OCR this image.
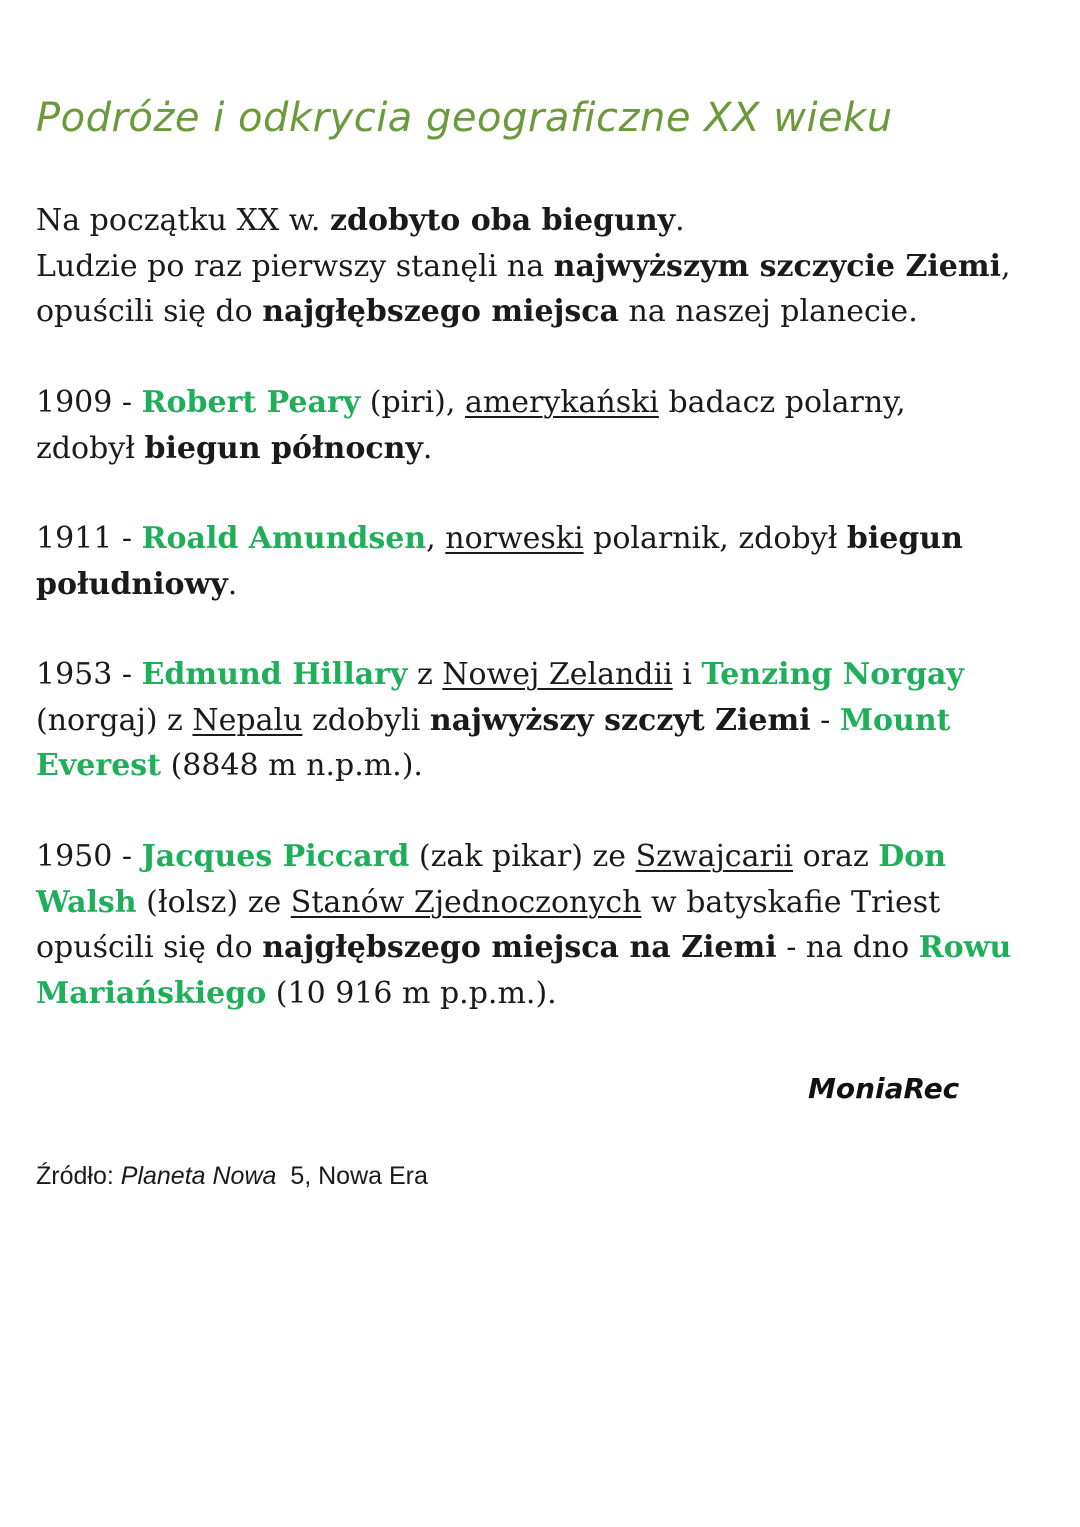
Podróże i odkrycia geograficzne XX wieku

Na początku XX w. zdobyto oba bieguny.
Ludzie po raz pierwszy stanęli na najwyższym szczycie Ziemi,
opuścili się do najgłębszego miejsca na naszej planecie.

1909 - Robert Peary (piri), amerykański badacz polarny,
zdobył biegun północny.

1911 - Roald Amundsen, norweski polarnik, zdobył biegun
południowy.

1953 - Edmund Hillary z Nowej Zelandii i Tenzing Norgay
(norgaj) z Nepalu zdobyli najwyższy szczyt Ziemi - Mount
Everest (8848 m n.p.m.).

1950 - Jacques Piccard (zak pikar) ze Szwajcarii oraz Don
Walsh (łolsz) ze Stanów Zjednoczonych w batyskafie Triest
opuścili się do najgłębszego miejsca na Ziemi - na dno Rowu
Mariańskiego (10 916 m p.p.m.).

MoniaRec

Źródło: Planeta Nowa  5, Nowa Era
